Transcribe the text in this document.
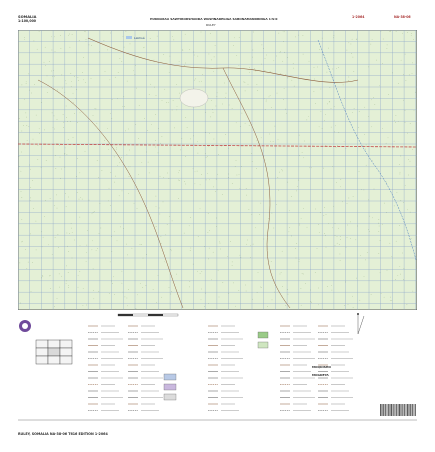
SOMALIA
1:100,000	HUDDARAA SAWTIRORSHADDA WASHNADEGIGA SABONAMANDRINGA 1:S:0
RULEY
1-2064	NA-38-06
Lakhsa
MOQDISHO
MOGDEYA
RULEY, SOMALIA NA-38-06 T616 EDITION 1-2064
